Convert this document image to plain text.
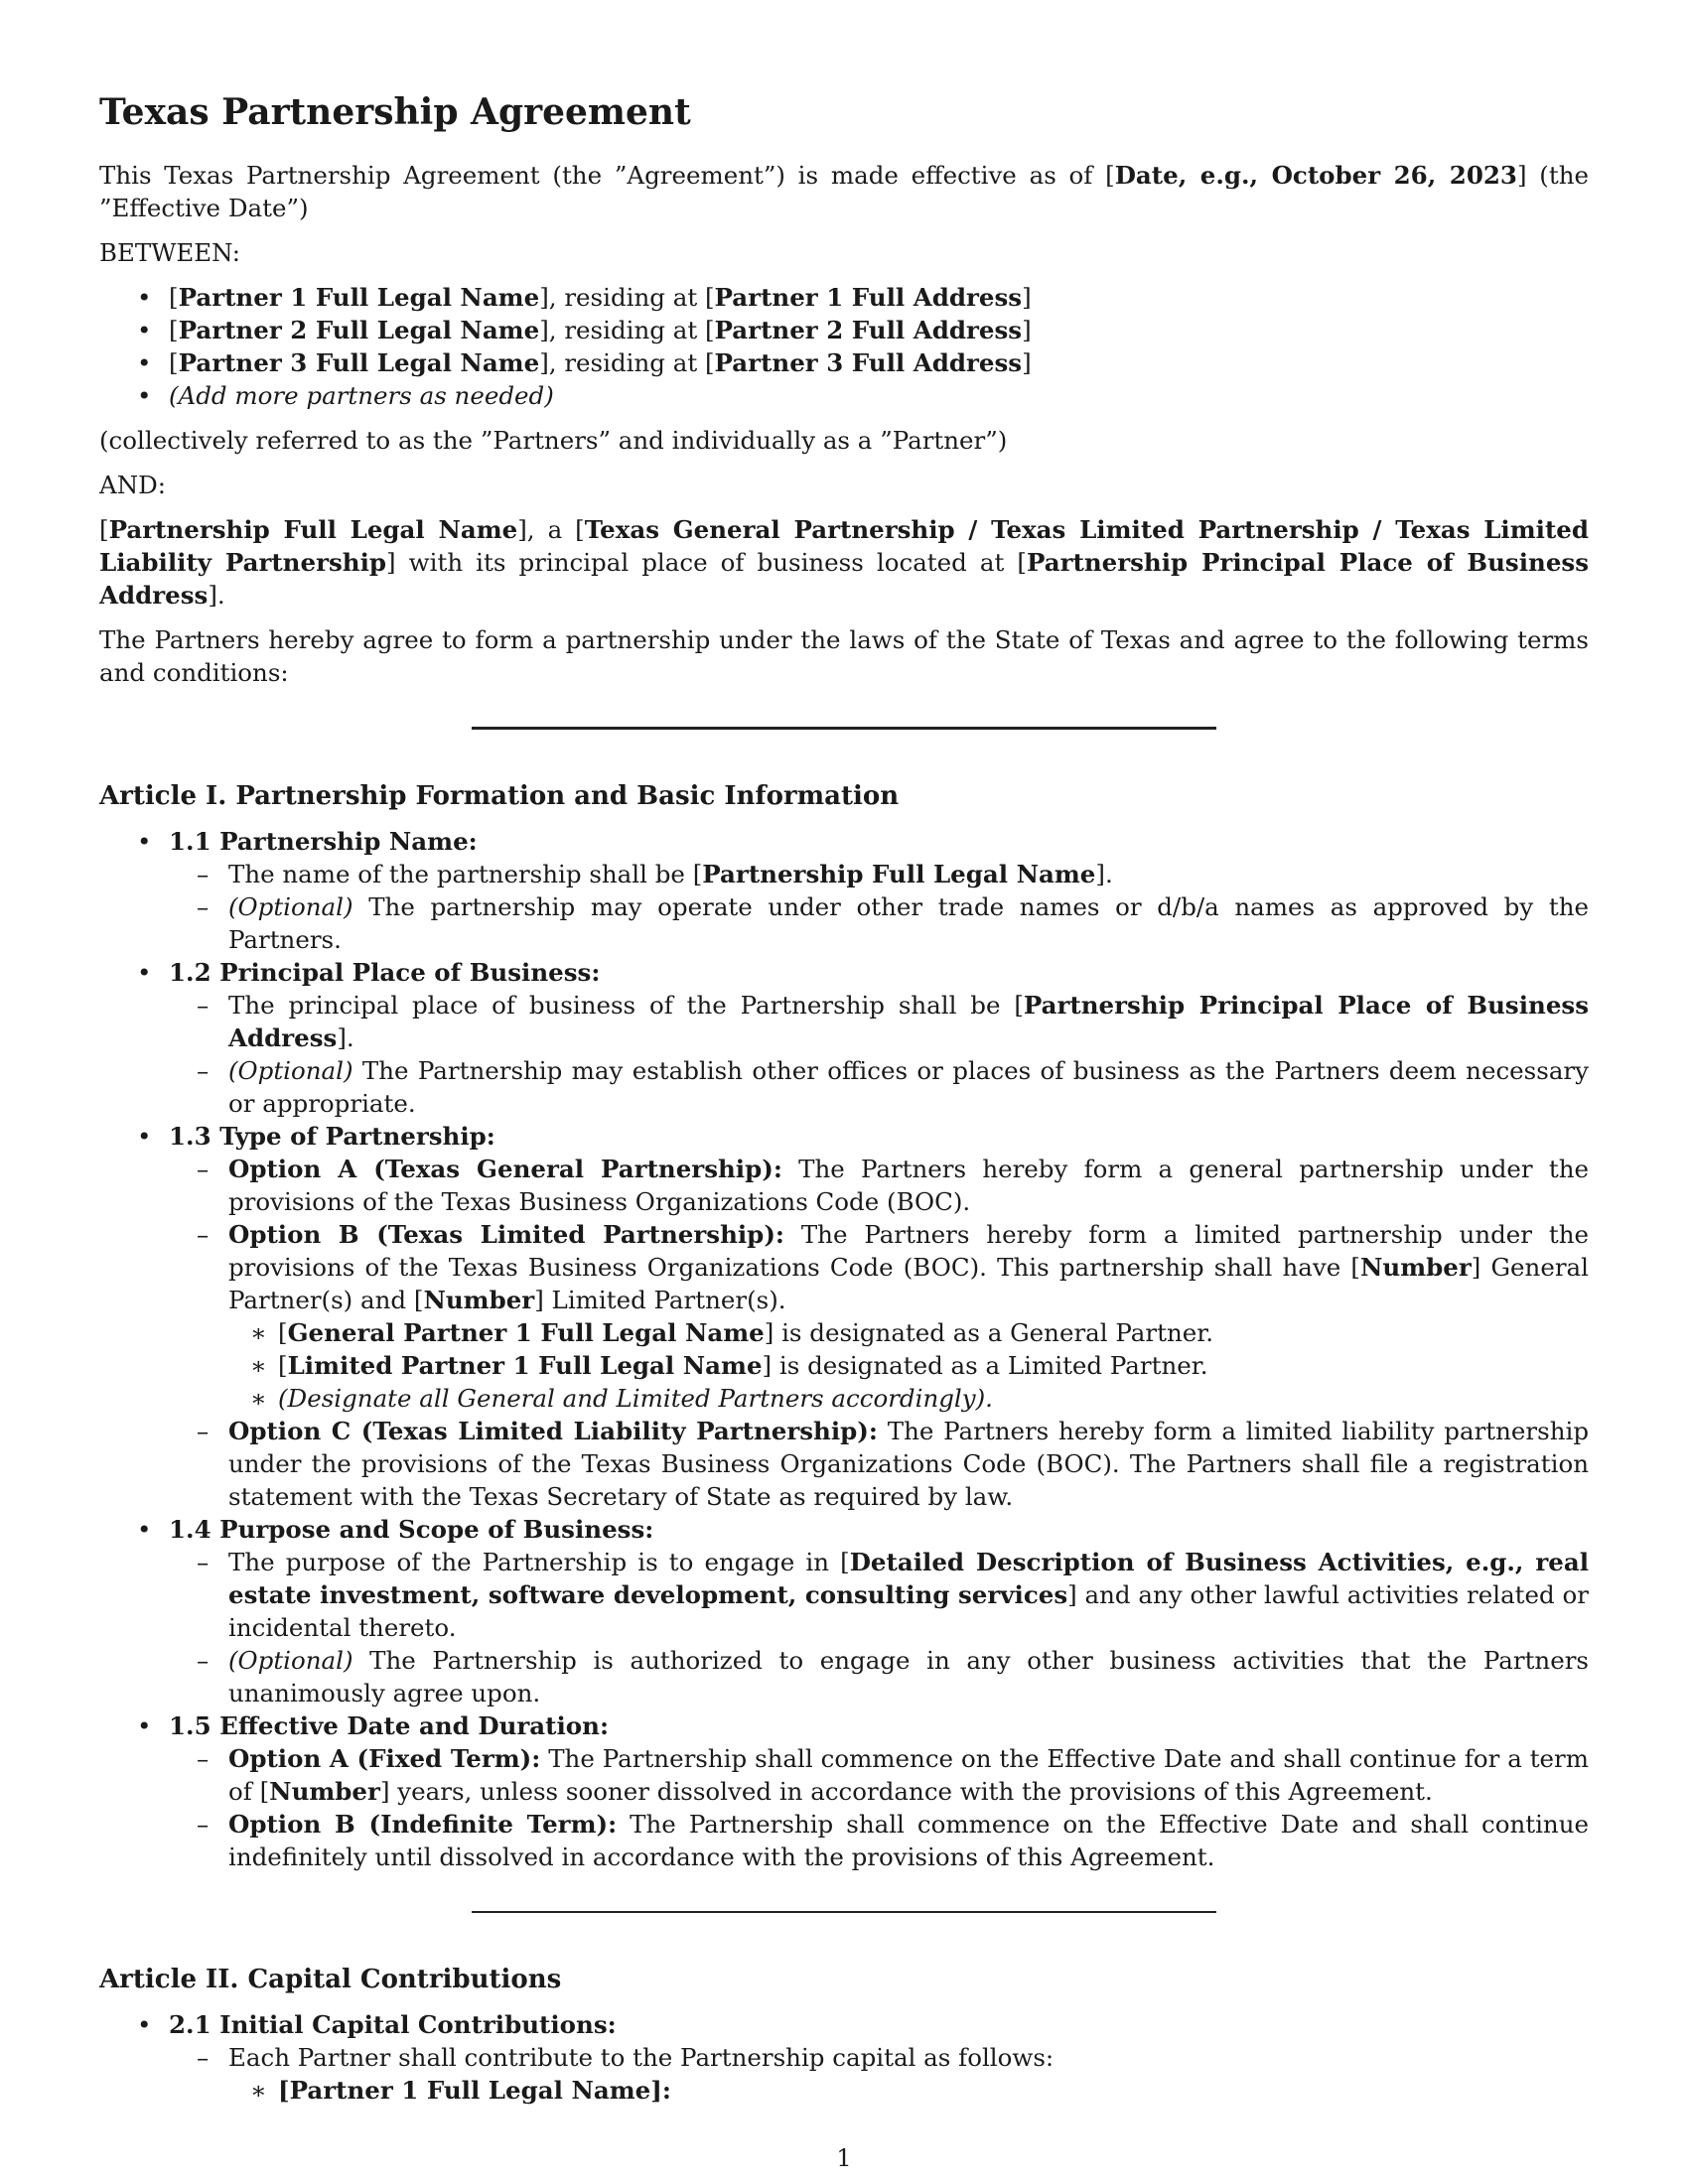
Texas Partnership Agreement

This Texas Partnership Agreement (the ”Agreement”) is made effective as of [Date, e.g., October 26, 2023] (the ”Effective Date”)

BETWEEN:

• [Partner 1 Full Legal Name], residing at [Partner 1 Full Address]
• [Partner 2 Full Legal Name], residing at [Partner 2 Full Address]
• [Partner 3 Full Legal Name], residing at [Partner 3 Full Address]
• (Add more partners as needed)

(collectively referred to as the ”Partners” and individually as a ”Partner”)

AND:

[Partnership Full Legal Name], a [Texas General Partnership / Texas Limited Partnership / Texas Limited Liability Partnership] with its principal place of business located at [Partnership Principal Place of Business Address].

The Partners hereby agree to form a partnership under the laws of the State of Texas and agree to the following terms and conditions:

Article I. Partnership Formation and Basic Information
• 1.1 Partnership Name:
– The name of the partnership shall be [Partnership Full Legal Name].
– (Optional) The partnership may operate under other trade names or d/b/a names as approved by the Partners.
• 1.2 Principal Place of Business:
– The principal place of business of the Partnership shall be [Partnership Principal Place of Business Address].
– (Optional) The Partnership may establish other offices or places of business as the Partners deem necessary or appropriate.
• 1.3 Type of Partnership:
– Option A (Texas General Partnership): The Partners hereby form a general partnership under the provisions of the Texas Business Organizations Code (BOC).
– Option B (Texas Limited Partnership): The Partners hereby form a limited partnership under the provisions of the Texas Business Organizations Code (BOC). This partnership shall have [Number] General Partner(s) and [Number] Limited Partner(s).
∗ [General Partner 1 Full Legal Name] is designated as a General Partner.
∗ [Limited Partner 1 Full Legal Name] is designated as a Limited Partner.
∗ (Designate all General and Limited Partners accordingly).
– Option C (Texas Limited Liability Partnership): The Partners hereby form a limited liability partnership under the provisions of the Texas Business Organizations Code (BOC). The Partners shall file a registration statement with the Texas Secretary of State as required by law.
• 1.4 Purpose and Scope of Business:
– The purpose of the Partnership is to engage in [Detailed Description of Business Activities, e.g., real estate investment, software development, consulting services] and any other lawful activities related or incidental thereto.
– (Optional) The Partnership is authorized to engage in any other business activities that the Partners unanimously agree upon.
• 1.5 Effective Date and Duration:
– Option A (Fixed Term): The Partnership shall commence on the Effective Date and shall continue for a term of [Number] years, unless sooner dissolved in accordance with the provisions of this Agreement.
– Option B (Indefinite Term): The Partnership shall commence on the Effective Date and shall continue indefinitely until dissolved in accordance with the provisions of this Agreement.
Article II. Capital Contributions
• 2.1 Initial Capital Contributions:
– Each Partner shall contribute to the Partnership capital as follows:
∗ [Partner 1 Full Legal Name]:
1
